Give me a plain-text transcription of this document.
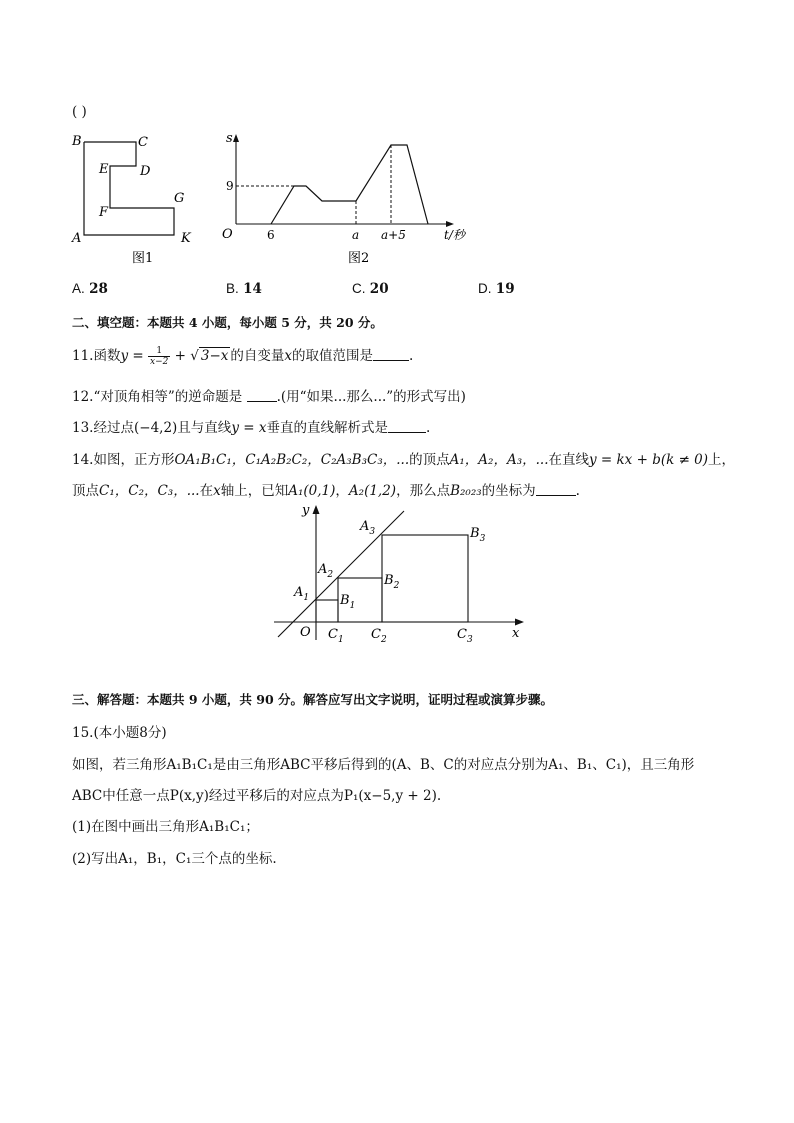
( )
B	C
D
E
F
G
A	K
图1
s
9
O	6	a a+5	t/秒
图2
A. 28	B. 14	C. 20	D. 19
二、填空题：本题共 4 小题，每小题 5 分，共 20 分。
11.函数$y = \frac{1}{x-2}$ + √ 3−x 的自变量x的取值范围是	.
12.“对顶角相等”的逆命题是	.(用“如果...那么...”的形式写出)
13.经过点(−4,2)且与直线y = x垂直的直线解析式是	.
14.如图，正方形OA₁B₁C₁，C₁A₂B₂C₂，C₂A₃B₃C₃，...的顶点A₁，A₂，A₃，...在直线y = kx + b(k ≠ 0)上，
顶点C₁，C₂，C₃，...在x轴上，已知A₁(0,1)，A₂(1,2)，那么点B₂₀₂₃的坐标为	.
y
x
O
$A_1$
$A_2$
$A_3$
$B_1$
$B_2$
$B_3$
$C_1$ $C_2$	$C_3$
三、解答题：本题共 9 小题，共 90 分。解答应写出文字说明，证明过程或演算步骤。
15.(本小题8分)
如图，若三角形A₁B₁C₁是由三角形ABC平移后得到的(A、B、C的对应点分别为A₁、B₁、C₁)，且三角形
ABC中任意一点P(x,y)经过平移后的对应点为P₁(x−5,y + 2).
(1)在图中画出三角形A₁B₁C₁；
(2)写出A₁，B₁，C₁三个点的坐标.
